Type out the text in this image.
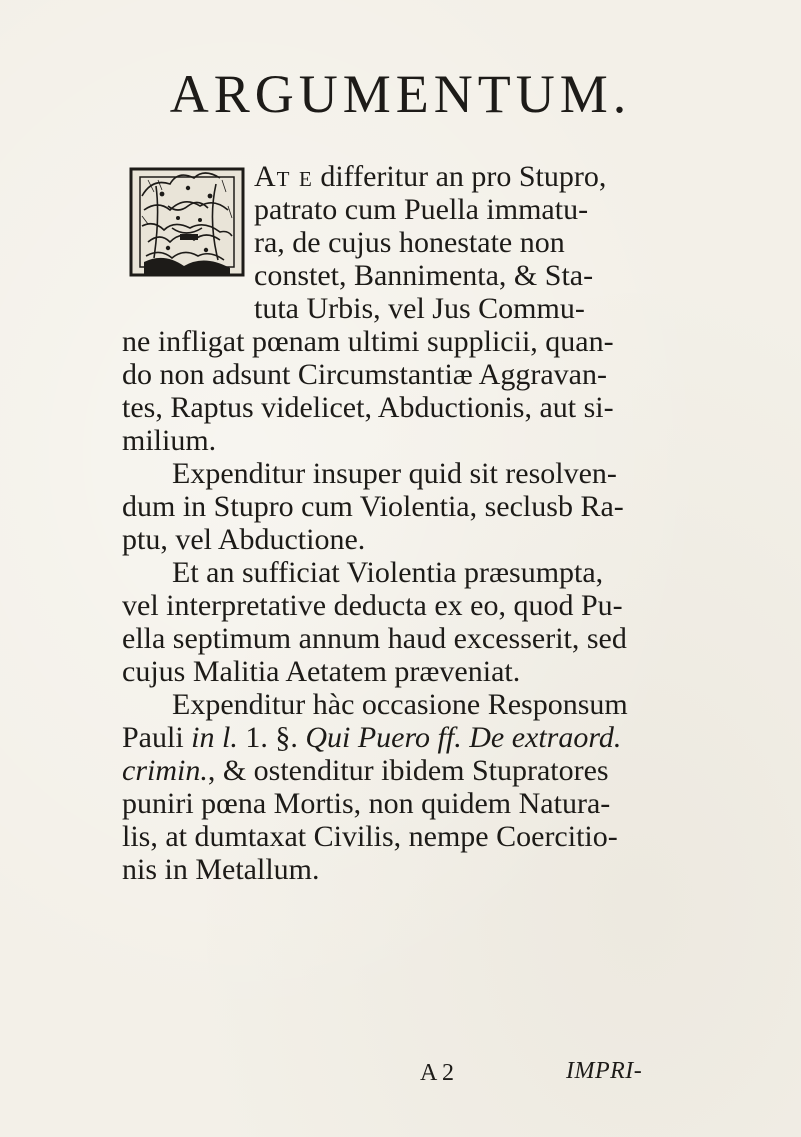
ARGUMENTUM.
At e differitur an pro Stupro,
patrato cum Puella immatu-
ra, de cujus honestate non
constet, Bannimenta, & Sta-
tuta Urbis, vel Jus Commu-
ne infligat pœnam ultimi supplicii, quan-
do non adsunt Circumstantiæ Aggravan-
tes, Raptus videlicet, Abductionis, aut si-
milium.
Expenditur insuper quid sit resolven-
dum in Stupro cum Violentia, seclusb Ra-
ptu, vel Abductione.
Et an sufficiat Violentia præsumpta,
vel interpretative deducta ex eo, quod Pu-
ella septimum annum haud excesserit, sed
cujus Malitia Aetatem præveniat.
Expenditur hàc occasione Responsum
Pauli in l. 1. §. Qui Puero ff. De extraord.
crimin., & ostenditur ibidem Stupratores
puniri pœna Mortis, non quidem Natura-
lis, at dumtaxat Civilis, nempe Coercitio-
nis in Metallum.
A 2	IMPRI-
